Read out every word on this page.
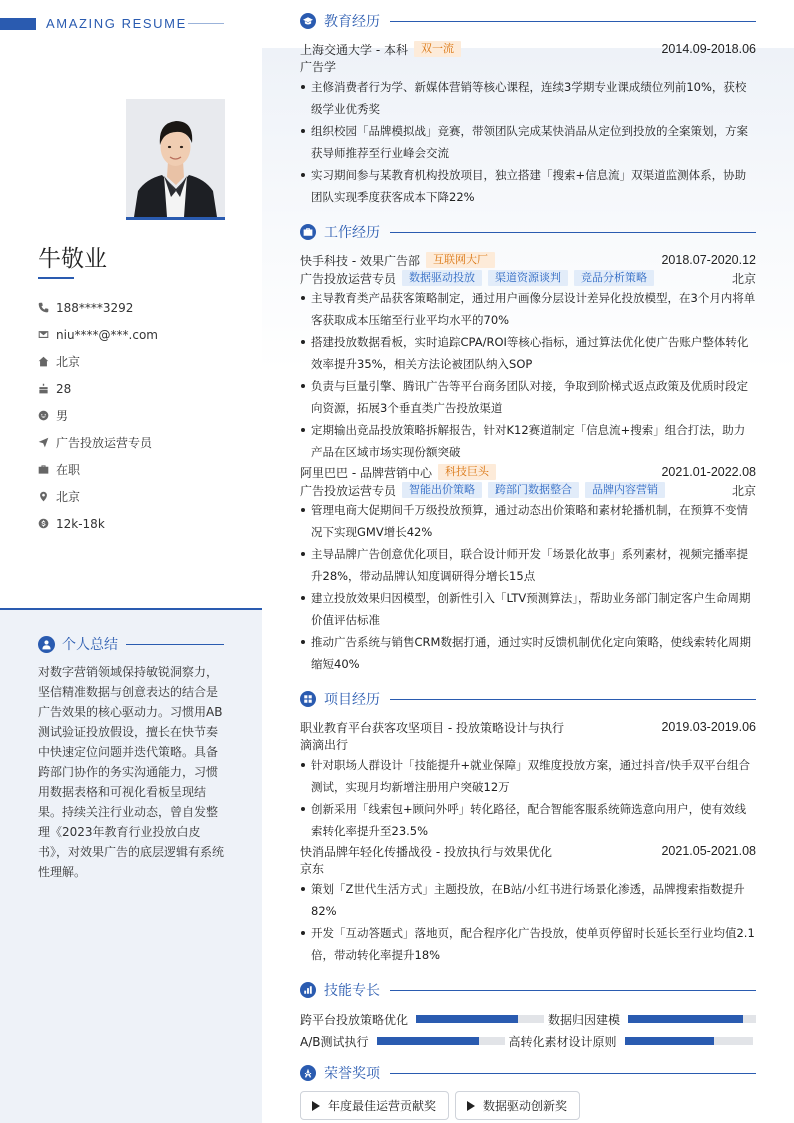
AMAZING RESUME
牛敬业
188****3292
niu****@***.com
北京
28
男
广告投放运营专员
在职
北京
12k-18k
个人总结
对数字营销领域保持敏锐洞察力，坚信精准数据与创意表达的结合是广告效果的核心驱动力。习惯用AB测试验证投放假设，擅长在快节奏中快速定位问题并迭代策略。具备跨部门协作的务实沟通能力，习惯用数据表格和可视化看板呈现结果。持续关注行业动态，曾自发整理《2023年教育行业投放白皮书》，对效果广告的底层逻辑有系统性理解。
教育经历
上海交通大学 - 本科	双一流	2014.09-2018.06
广告学
主修消费者行为学、新媒体营销等核心课程，连续3学期专业课成绩位列前10%，获校级学业优秀奖
组织校园「品牌模拟战」竞赛，带领团队完成某快消品从定位到投放的全案策划，方案获导师推荐至行业峰会交流
实习期间参与某教育机构投放项目，独立搭建「搜索+信息流」双渠道监测体系，协助团队实现季度获客成本下降22%
工作经历
快手科技 - 效果广告部	互联网大厂	2018.07-2020.12
广告投放运营专员	数据驱动投放	渠道资源谈判	竞品分析策略	北京
主导教育类产品获客策略制定，通过用户画像分层设计差异化投放模型，在3个月内将单客获取成本压缩至行业平均水平的70%
搭建投放数据看板，实时追踪CPA/ROI等核心指标，通过算法优化使广告账户整体转化效率提升35%，相关方法论被团队纳入SOP
负责与巨量引擎、腾讯广告等平台商务团队对接，争取到阶梯式返点政策及优质时段定向资源，拓展3个垂直类广告投放渠道
定期输出竞品投放策略拆解报告，针对K12赛道制定「信息流+搜索」组合打法，助力产品在区域市场实现份额突破
阿里巴巴 - 品牌营销中心	科技巨头	2021.01-2022.08
广告投放运营专员	智能出价策略	跨部门数据整合	品牌内容营销	北京
管理电商大促期间千万级投放预算，通过动态出价策略和素材轮播机制，在预算不变情况下实现GMV增长42%
主导品牌广告创意优化项目，联合设计师开发「场景化故事」系列素材，视频完播率提升28%，带动品牌认知度调研得分增长15点
建立投放效果归因模型，创新性引入「LTV预测算法」，帮助业务部门制定客户生命周期价值评估标准
推动广告系统与销售CRM数据打通，通过实时反馈机制优化定向策略，使线索转化周期缩短40%
项目经历
职业教育平台获客攻坚项目 - 投放策略设计与执行	2019.03-2019.06
滴滴出行
针对职场人群设计「技能提升+就业保障」双维度投放方案，通过抖音/快手双平台组合测试，实现月均新增注册用户突破12万
创新采用「线索包+顾问外呼」转化路径，配合智能客服系统筛选意向用户，使有效线索转化率提升至23.5%
快消品牌年轻化传播战役 - 投放执行与效果优化	2021.05-2021.08
京东
策划「Z世代生活方式」主题投放，在B站/小红书进行场景化渗透，品牌搜索指数提升82%
开发「互动答题式」落地页，配合程序化广告投放，使单页停留时长延长至行业均值2.1倍，带动转化率提升18%
技能专长
跨平台投放策略优化	数据归因建模
A/B测试执行	高转化素材设计原则
荣誉奖项
年度最佳运营贡献奖	数据驱动创新奖
